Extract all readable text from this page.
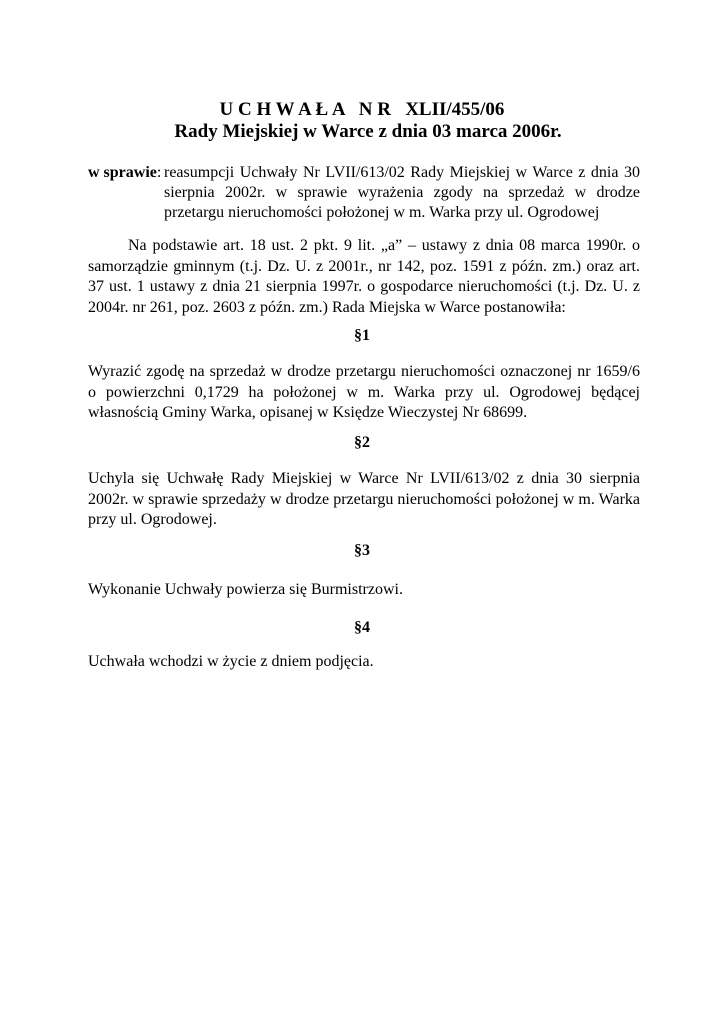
U C H W A Ł A   N R   XLII/455/06
Rady Miejskiej w Warce z dnia 03 marca 2006r.
w sprawie: reasumpcji Uchwały Nr LVII/613/02 Rady Miejskiej w Warce z dnia 30 sierpnia 2002r. w sprawie wyrażenia zgody na sprzedaż w drodze przetargu nieruchomości położonej w m. Warka przy ul. Ogrodowej
Na podstawie art. 18 ust. 2 pkt. 9 lit. „a” – ustawy z dnia 08 marca 1990r. o samorządzie gminnym (t.j. Dz. U. z 2001r., nr 142, poz. 1591 z późn. zm.) oraz art. 37 ust. 1 ustawy z dnia 21 sierpnia 1997r. o gospodarce nieruchomości (t.j. Dz. U. z 2004r. nr 261, poz. 2603 z późn. zm.) Rada Miejska w Warce postanowiła:
§1
Wyrazić zgodę na sprzedaż w drodze przetargu nieruchomości oznaczonej nr 1659/6 o powierzchni 0,1729 ha położonej w m. Warka przy ul. Ogrodowej będącej własnością Gminy Warka, opisanej w Księdze Wieczystej Nr 68699.
§2
Uchyla się Uchwałę Rady Miejskiej w Warce Nr LVII/613/02 z dnia 30 sierpnia 2002r. w sprawie sprzedaży w drodze przetargu nieruchomości położonej w m. Warka przy ul. Ogrodowej.
§3
Wykonanie Uchwały powierza się Burmistrzowi.
§4
Uchwała wchodzi w życie z dniem podjęcia.
